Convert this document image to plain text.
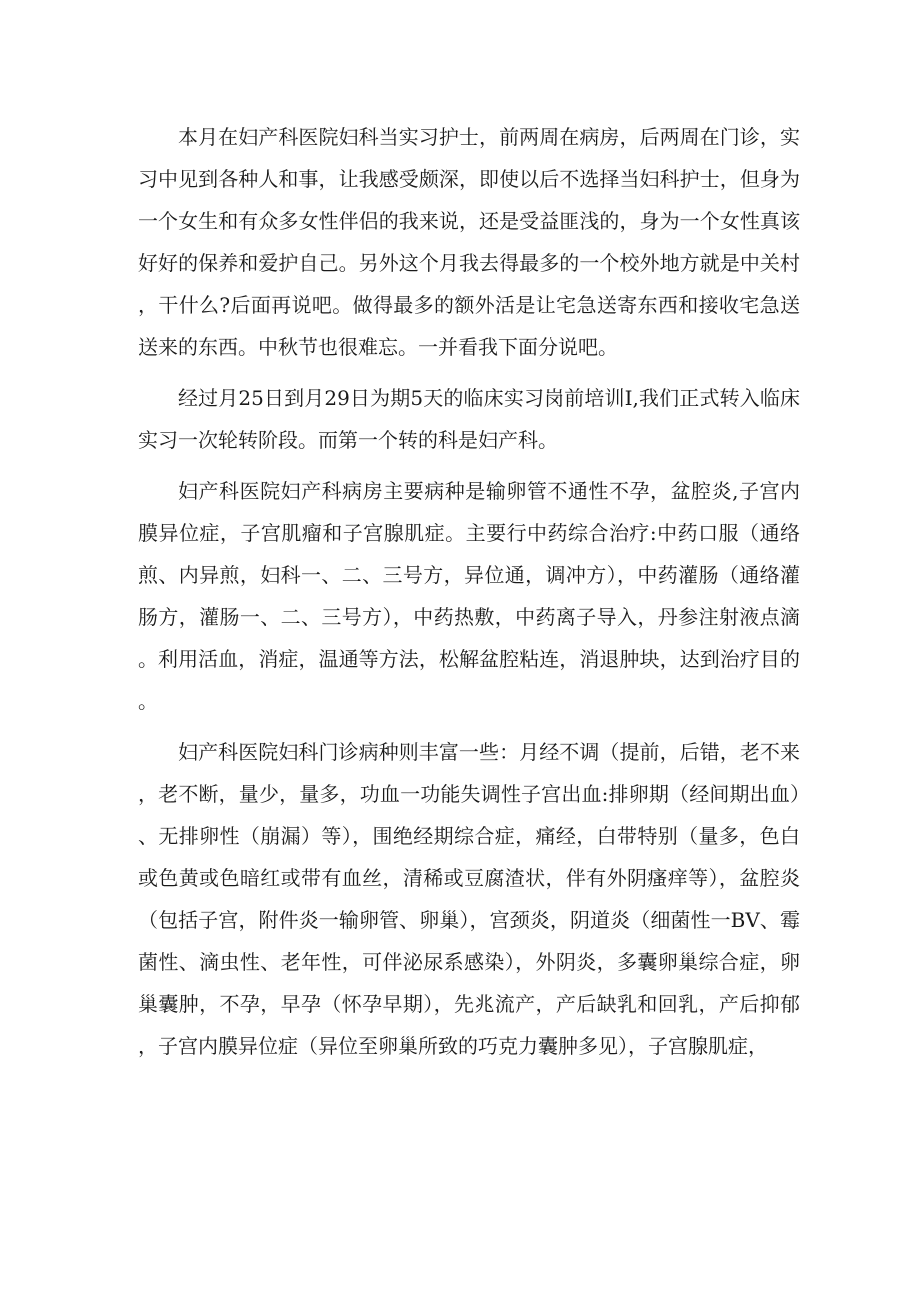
本月在妇产科医院妇科当实习护士，前两周在病房，后两周在门诊，实习中见到各种人和事，让我感受颇深，即使以后不选择当妇科护士，但身为一个女生和有众多女性伴侣的我来说，还是受益匪浅的，身为一个女性真该好好的保养和爱护自己。另外这个月我去得最多的一个校外地方就是中关村，干什么?后面再说吧。做得最多的额外活是让宅急送寄东西和接收宅急送送来的东西。中秋节也很难忘。一并看我下面分说吧。

经过月25日到月29日为期5天的临床实习岗前培训I,我们正式转入临床实习一次轮转阶段。而第一个转的科是妇产科。

妇产科医院妇产科病房主要病种是输卵管不通性不孕，盆腔炎,子宫内膜异位症，子宫肌瘤和子宫腺肌症。主要行中药综合治疗:中药口服（通络煎、内异煎，妇科一、二、三号方，异位通，调冲方），中药灌肠（通络灌肠方，灌肠一、二、三号方），中药热敷，中药离子导入，丹参注射液点滴。利用活血，消症，温通等方法，松解盆腔粘连，消退肿块，达到治疗目的。

妇产科医院妇科门诊病种则丰富一些：月经不调（提前，后错，老不来，老不断，量少，量多，功血一功能失调性子宫出血:排卵期（经间期出血）、无排卵性（崩漏）等），围绝经期综合症，痛经，白带特别（量多，色白或色黄或色暗红或带有血丝，清稀或豆腐渣状，伴有外阴瘙痒等），盆腔炎（包括子宫，附件炎一输卵管、卵巢），宫颈炎，阴道炎（细菌性一BV、霉菌性、滴虫性、老年性，可伴泌尿系感染），外阴炎，多囊卵巢综合症，卵巢囊肿，不孕，早孕（怀孕早期），先兆流产，产后缺乳和回乳，产后抑郁，子宫内膜异位症（异位至卵巢所致的巧克力囊肿多见），子宫腺肌症，
